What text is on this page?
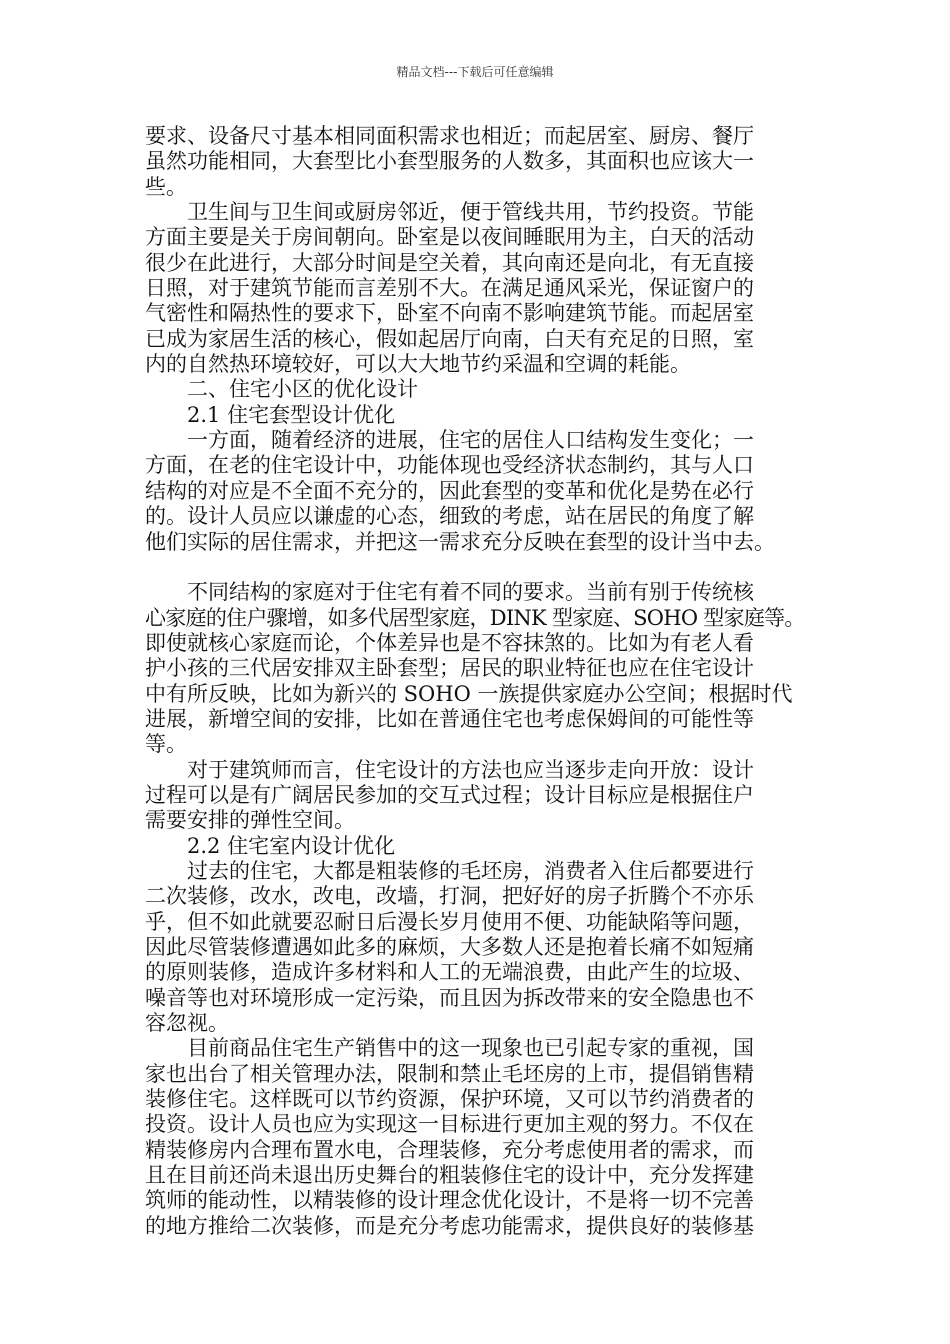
精品文档---下载后可任意编辑
要求、设备尺寸基本相同面积需求也相近；而起居室、厨房、餐厅
虽然功能相同，大套型比小套型服务的人数多，其面积也应该大一
些。
　　卫生间与卫生间或厨房邻近，便于管线共用，节约投资。节能
方面主要是关于房间朝向。卧室是以夜间睡眠用为主，白天的活动
很少在此进行，大部分时间是空关着，其向南还是向北，有无直接
日照，对于建筑节能而言差别不大。在满足通风采光，保证窗户的
气密性和隔热性的要求下，卧室不向南不影响建筑节能。而起居室
已成为家居生活的核心，假如起居厅向南，白天有充足的日照，室
内的自然热环境较好，可以大大地节约采温和空调的耗能。
　　二、住宅小区的优化设计
　　2.1 住宅套型设计优化
　　一方面，随着经济的进展，住宅的居住人口结构发生变化；一
方面，在老的住宅设计中，功能体现也受经济状态制约，其与人口
结构的对应是不全面不充分的，因此套型的变革和优化是势在必行
的。设计人员应以谦虚的心态，细致的考虑，站在居民的角度了解
他们实际的居住需求，并把这一需求充分反映在套型的设计当中去。
　　不同结构的家庭对于住宅有着不同的要求。当前有别于传统核
心家庭的住户骤增，如多代居型家庭，DINK 型家庭、SOHO 型家庭等。
即使就核心家庭而论，个体差异也是不容抹煞的。比如为有老人看
护小孩的三代居安排双主卧套型；居民的职业特征也应在住宅设计
中有所反映，比如为新兴的 SOHO 一族提供家庭办公空间；根据时代
进展，新增空间的安排，比如在普通住宅也考虑保姆间的可能性等
等。
　　对于建筑师而言，住宅设计的方法也应当逐步走向开放：设计
过程可以是有广阔居民参加的交互式过程；设计目标应是根据住户
需要安排的弹性空间。
　　2.2 住宅室内设计优化
　　过去的住宅，大都是粗装修的毛坯房，消费者入住后都要进行
二次装修，改水，改电，改墙，打洞，把好好的房子折腾个不亦乐
乎，但不如此就要忍耐日后漫长岁月使用不便、功能缺陷等问题，
因此尽管装修遭遇如此多的麻烦，大多数人还是抱着长痛不如短痛
的原则装修，造成许多材料和人工的无端浪费，由此产生的垃圾、
噪音等也对环境形成一定污染，而且因为拆改带来的安全隐患也不
容忽视。
　　目前商品住宅生产销售中的这一现象也已引起专家的重视，国
家也出台了相关管理办法，限制和禁止毛坯房的上市，提倡销售精
装修住宅。这样既可以节约资源，保护环境，又可以节约消费者的
投资。设计人员也应为实现这一目标进行更加主观的努力。不仅在
精装修房内合理布置水电，合理装修，充分考虑使用者的需求，而
且在目前还尚未退出历史舞台的粗装修住宅的设计中，充分发挥建
筑师的能动性，以精装修的设计理念优化设计，不是将一切不完善
的地方推给二次装修，而是充分考虑功能需求，提供良好的装修基
